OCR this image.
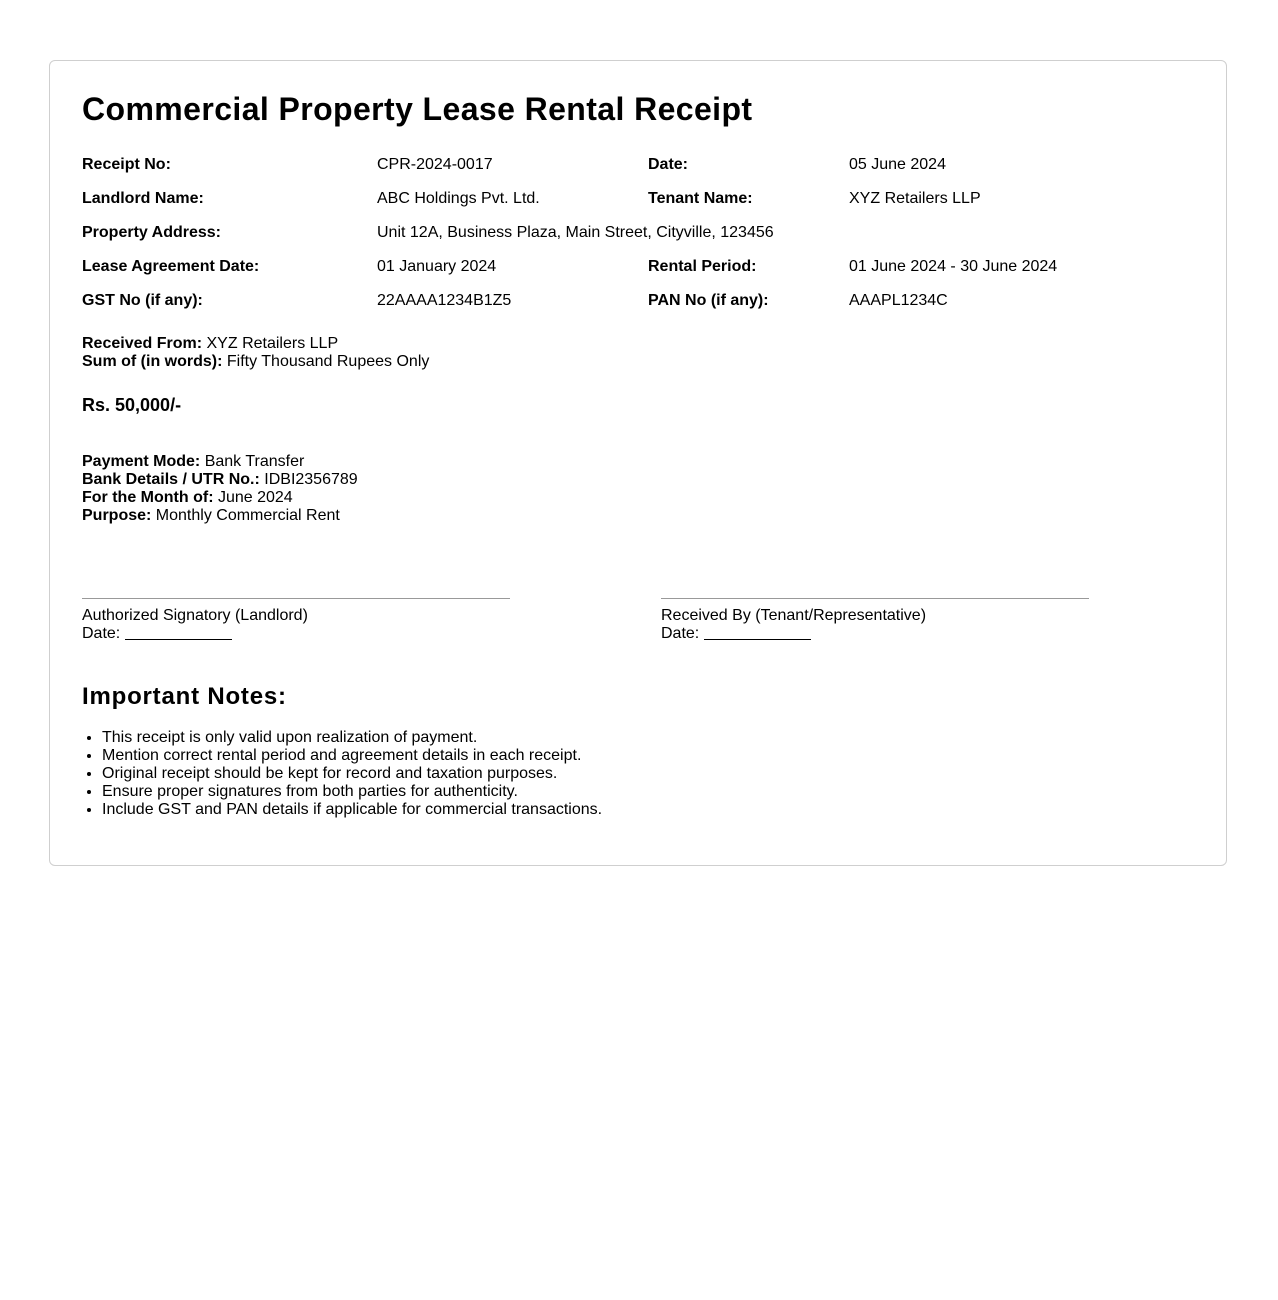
Commercial Property Lease Rental Receipt
Receipt No:	CPR-2024-0017	Date:	05 June 2024
Landlord Name:	ABC Holdings Pvt. Ltd.	Tenant Name:	XYZ Retailers LLP
Property Address:	Unit 12A, Business Plaza, Main Street, Cityville, 123456
Lease Agreement Date:	01 January 2024	Rental Period:	01 June 2024 - 30 June 2024
GST No (if any):	22AAAA1234B1Z5	PAN No (if any):	AAAPL1234C
Received From: XYZ Retailers LLP
Sum of (in words): Fifty Thousand Rupees Only
Rs. 50,000/-
Payment Mode: Bank Transfer
Bank Details / UTR No.: IDBI2356789
For the Month of: June 2024
Purpose: Monthly Commercial Rent
Authorized Signatory (Landlord)
Date:
Received By (Tenant/Representative)
Date:
Important Notes:
• This receipt is only valid upon realization of payment.
• Mention correct rental period and agreement details in each receipt.
• Original receipt should be kept for record and taxation purposes.
• Ensure proper signatures from both parties for authenticity.
• Include GST and PAN details if applicable for commercial transactions.
